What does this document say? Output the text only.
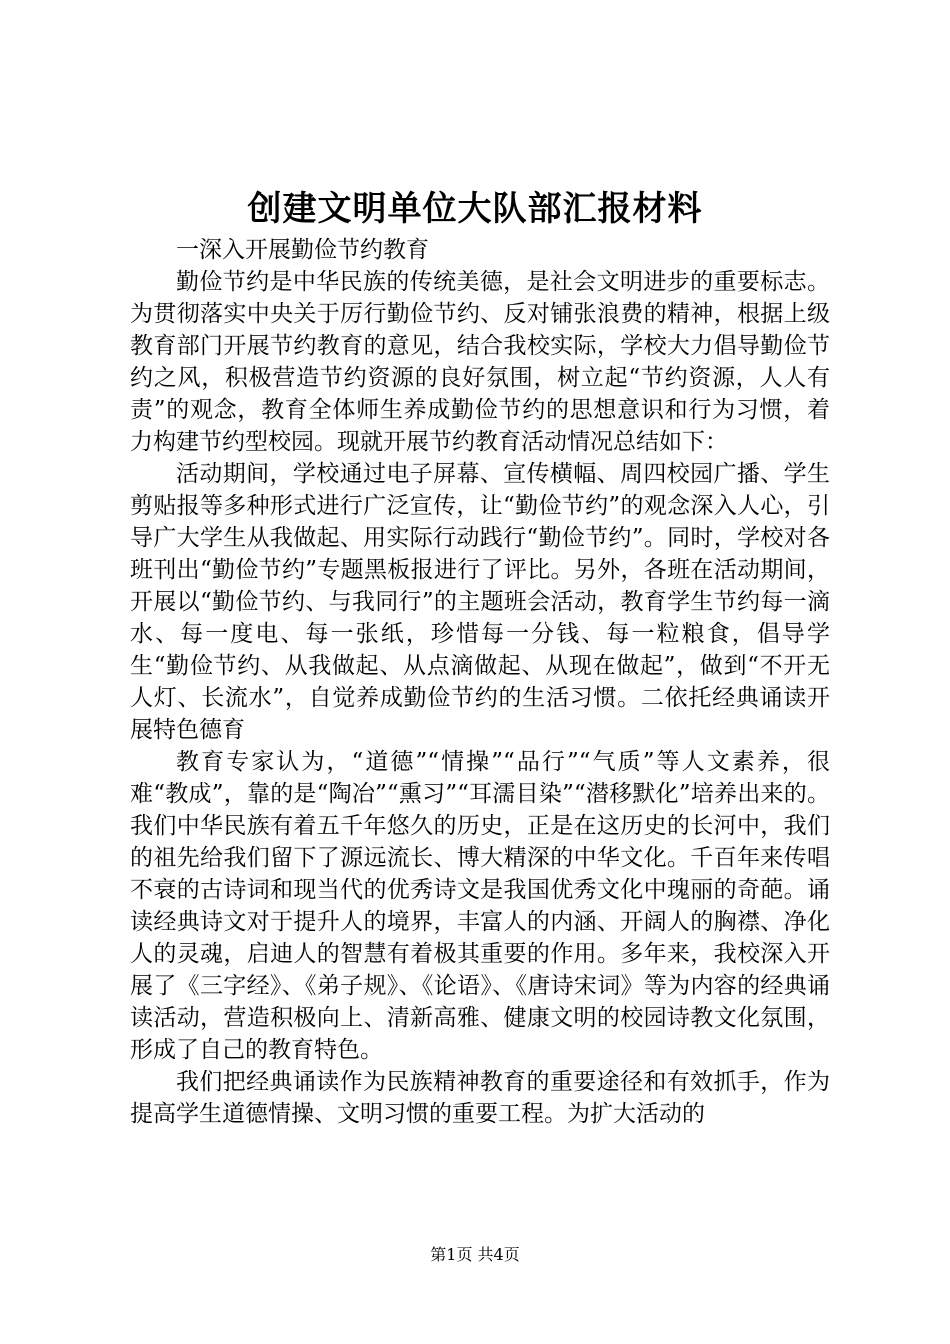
创建文明单位大队部汇报材料

一深入开展勤俭节约教育

勤俭节约是中华民族的传统美德，是社会文明进步的重要标志。为贯彻落实中央关于厉行勤俭节约、反对铺张浪费的精神，根据上级教育部门开展节约教育的意见，结合我校实际，学校大力倡导勤俭节约之风，积极营造节约资源的良好氛围，树立起“节约资源，人人有责”的观念，教育全体师生养成勤俭节约的思想意识和行为习惯，着力构建节约型校园。现就开展节约教育活动情况总结如下：

活动期间，学校通过电子屏幕、宣传横幅、周四校园广播、学生剪贴报等多种形式进行广泛宣传，让“勤俭节约”的观念深入人心，引导广大学生从我做起、用实际行动践行“勤俭节约”。同时，学校对各班刊出“勤俭节约”专题黑板报进行了评比。另外，各班在活动期间，开展以“勤俭节约、与我同行”的主题班会活动，教育学生节约每一滴水、每一度电、每一张纸，珍惜每一分钱、每一粒粮食，倡导学生“勤俭节约、从我做起、从点滴做起、从现在做起”，做到“不开无人灯、长流水”，自觉养成勤俭节约的生活习惯。二依托经典诵读开展特色德育

教育专家认为，“道德”“情操”“品行”“气质”等人文素养，很难“教成”，靠的是“陶冶”“熏习”“耳濡目染”“潜移默化”培养出来的。我们中华民族有着五千年悠久的历史，正是在这历史的长河中，我们的祖先给我们留下了源远流长、博大精深的中华文化。千百年来传唱不衰的古诗词和现当代的优秀诗文是我国优秀文化中瑰丽的奇葩。诵读经典诗文对于提升人的境界，丰富人的内涵、开阔人的胸襟、净化人的灵魂，启迪人的智慧有着极其重要的作用。多年来，我校深入开展了《三字经》、《弟子规》、《论语》、《唐诗宋词》等为内容的经典诵读活动，营造积极向上、清新高雅、健康文明的校园诗教文化氛围，形成了自己的教育特色。

我们把经典诵读作为民族精神教育的重要途径和有效抓手，作为提高学生道德情操、文明习惯的重要工程。为扩大活动的

第1页 共4页
